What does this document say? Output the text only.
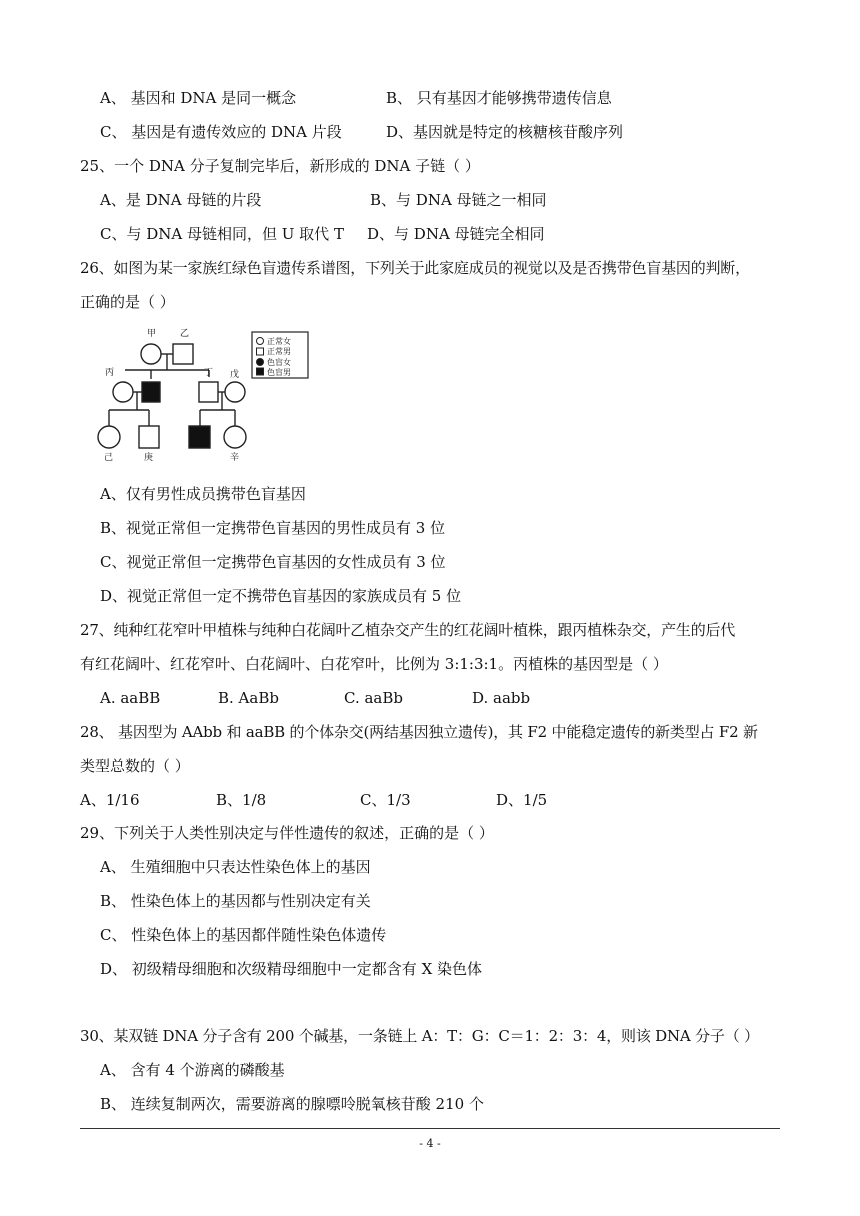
A、 基因和 DNA 是同一概念	B、 只有基因才能够携带遗传信息
C、 基因是有遗传效应的 DNA 片段	D、基因就是特定的核糖核苷酸序列
25、一个 DNA 分子复制完毕后，新形成的 DNA 子链（ ）
A、是 DNA 母链的片段	B、与 DNA 母链之一相同
C、与 DNA 母链相同，但 U 取代 T D、与 DNA 母链完全相同
26、如图为某一家族红绿色盲遗传系谱图，下列关于此家庭成员的视觉以及是否携带色盲基因的判断，
正确的是（ ）
甲	乙
丙	丁 戊
己	庚	辛
正常女
正常男
色盲女
色盲男
A、仅有男性成员携带色盲基因
B、视觉正常但一定携带色盲基因的男性成员有 3 位
C、视觉正常但一定携带色盲基因的女性成员有 3 位
D、视觉正常但一定不携带色盲基因的家族成员有 5 位
27、纯种红花窄叶甲植株与纯种白花阔叶乙植杂交产生的红花阔叶植株，跟丙植株杂交，产生的后代
有红花阔叶、红花窄叶、白花阔叶、白花窄叶，比例为 3:1:3:1。丙植株的基因型是（ ）
A. aaBB	B. AaBb	C. aaBb	D. aabb
28、 基因型为 AAbb 和 aaBB 的个体杂交(两结基因独立遗传)，其 F2 中能稳定遗传的新类型占 F2 新
类型总数的（ ）
A、1/16	B、1/8	C、1/3	D、1/5
29、下列关于人类性别决定与伴性遗传的叙述，正确的是（ ）
A、 生殖细胞中只表达性染色体上的基因
B、 性染色体上的基因都与性别决定有关
C、 性染色体上的基因都伴随性染色体遗传
D、 初级精母细胞和次级精母细胞中一定都含有 X 染色体
30、某双链 DNA 分子含有 200 个碱基，一条链上 A：T：G：C＝1：2：3：4，则该 DNA 分子（ ）
A、 含有 4 个游离的磷酸基
B、 连续复制两次，需要游离的腺嘌呤脱氧核苷酸 210 个
- 4 -
